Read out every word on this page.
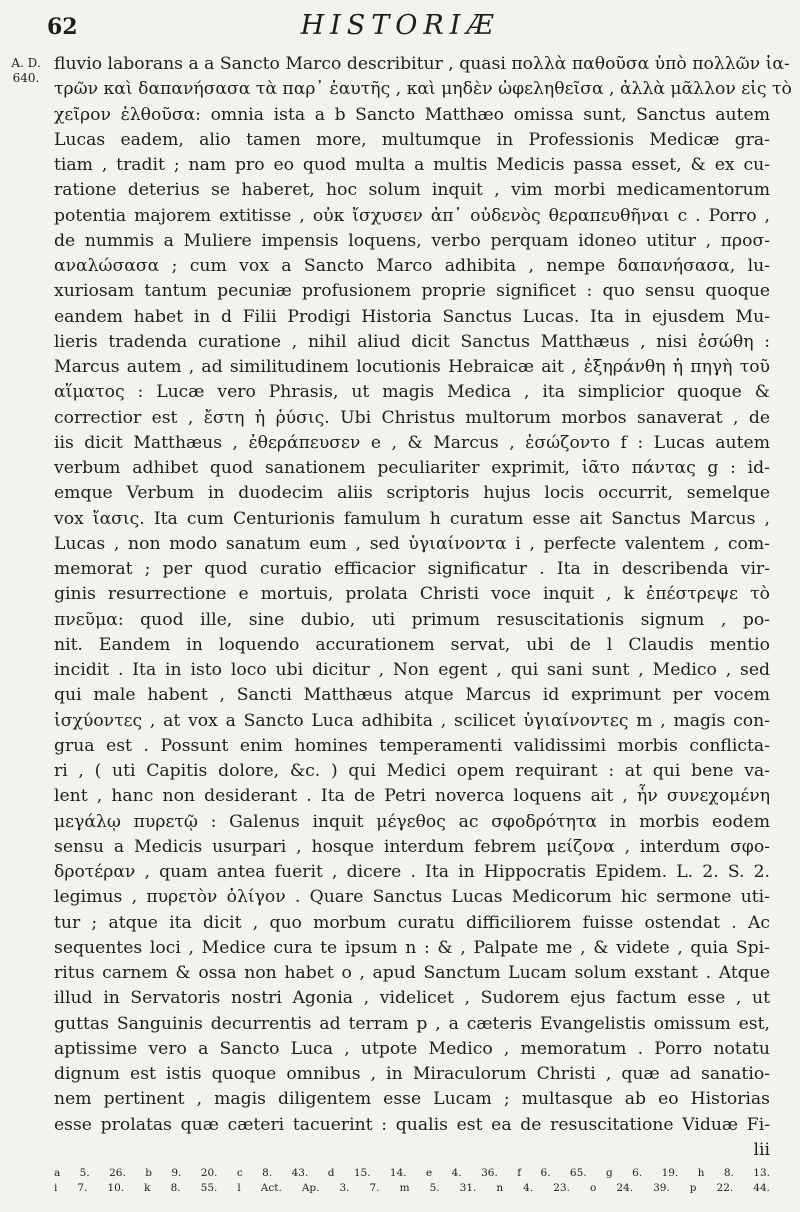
62	HISTORIÆ
A. D.
640.
fluvio laborans a a Sancto Marco describitur , quasi πολλὰ παθοῦσα ὑπὸ πολλῶν ἰα-
τρῶν καὶ δαπανήσασα τὰ παρ᾽ ἑαυτῆς , καὶ μηδὲν ὠφεληθεῖσα , ἀλλὰ μᾶλλον εἰς τὸ
χεῖρον ἐλθοῦσα: omnia ista a b Sancto Matthæo omissa sunt, Sanctus autem
Lucas eadem, alio tamen more, multumque in Professionis Medicæ gra-
tiam , tradit ; nam pro eo quod multa a multis Medicis passa esset, & ex cu-
ratione deterius se haberet, hoc solum inquit , vim morbi medicamentorum
potentia majorem extitisse , οὐκ ἴσχυσεν ἀπ᾽ οὐδενὸς θεραπευθῆναι c . Porro ,
de nummis a Muliere impensis loquens, verbo perquam idoneo utitur , προσ-
αναλώσασα ; cum vox a Sancto Marco adhibita , nempe δαπανήσασα, lu-
xuriosam tantum pecuniæ profusionem proprie significet : quo sensu quoque
eandem habet in d Filii Prodigi Historia Sanctus Lucas. Ita in ejusdem Mu-
lieris tradenda curatione , nihil aliud dicit Sanctus Matthæus , nisi ἐσώθη :
Marcus autem , ad similitudinem locutionis Hebraicæ ait , ἐξηράνθη ἡ πηγὴ τοῦ
αἵματος : Lucæ vero Phrasis, ut magis Medica , ita simplicior quoque &
correctior est , ἔστη ἡ ῥύσις. Ubi Christus multorum morbos sanaverat , de
iis dicit Matthæus , ἐθεράπευσεν e , & Marcus , ἐσώζοντο f : Lucas autem
verbum adhibet quod sanationem peculiariter exprimit, ἰᾶτο πάντας g : id-
emque Verbum in duodecim aliis scriptoris hujus locis occurrit, semelque
vox ἴασις. Ita cum Centurionis famulum h curatum esse ait Sanctus Marcus ,
Lucas , non modo sanatum eum , sed ὑγιαίνοντα i , perfecte valentem , com-
memorat ; per quod curatio efficacior significatur . Ita in describenda vir-
ginis resurrectione e mortuis, prolata Christi voce inquit , k ἐπέστρεψε τὸ
πνεῦμα: quod ille, sine dubio, uti primum resuscitationis signum , po-
nit. Eandem in loquendo accurationem servat, ubi de l Claudis mentio
incidit . Ita in isto loco ubi dicitur , Non egent , qui sani sunt , Medico , sed
qui male habent , Sancti Matthæus atque Marcus id exprimunt per vocem
ἰσχύοντες , at vox a Sancto Luca adhibita , scilicet ὑγιαίνοντες m , magis con-
grua est . Possunt enim homines temperamenti validissimi morbis conflicta-
ri , ( uti Capitis dolore, &c. ) qui Medici opem requirant : at qui bene va-
lent , hanc non desiderant . Ita de Petri noverca loquens ait , ἦν συνεχομένη
μεγάλῳ πυρετῷ : Galenus inquit μέγεθος ac σφοδρότητα in morbis eodem
sensu a Medicis usurpari , hosque interdum febrem μείζονα , interdum σφο-
δροτέραν , quam antea fuerit , dicere . Ita in Hippocratis Epidem. L. 2. S. 2.
legimus , πυρετὸν ὀλίγον . Quare Sanctus Lucas Medicorum hic sermone uti-
tur ; atque ita dicit , quo morbum curatu difficiliorem fuisse ostendat . Ac
sequentes loci , Medice cura te ipsum n : & , Palpate me , & videte , quia Spi-
ritus carnem & ossa non habet o , apud Sanctum Lucam solum exstant . Atque
illud in Servatoris nostri Agonia , videlicet , Sudorem ejus factum esse , ut
guttas Sanguinis decurrentis ad terram p , a cæteris Evangelistis omissum est,
aptissime vero a Sancto Luca , utpote Medico , memoratum . Porro notatu
dignum est istis quoque omnibus , in Miraculorum Christi , quæ ad sanatio-
nem pertinent , magis diligentem esse Lucam ; multasque ab eo Historias
esse prolatas quæ cæteri tacuerint : qualis est ea de resuscitatione Viduæ Fi-
lii
a 5. 26. b 9. 20. c 8. 43. d 15. 14. e 4. 36. f 6. 65. g 6. 19. h 8. 13.
i 7. 10. k 8. 55. l Act. Ap. 3. 7. m 5. 31. n 4. 23. o 24. 39. p 22. 44.
